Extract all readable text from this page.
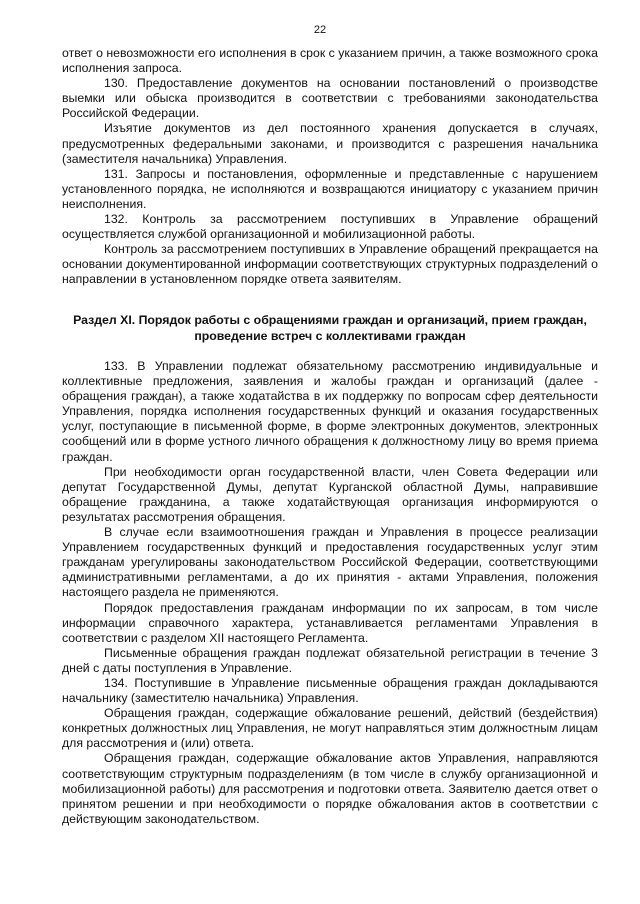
22

ответ о невозможности его исполнения в срок с указанием причин, а также возможного срока исполнения запроса.

130. Предоставление документов на основании постановлений о производстве выемки или обыска производится в соответствии с требованиями законодательства Российской Федерации.

Изъятие документов из дел постоянного хранения допускается в случаях, предусмотренных федеральными законами, и производится с разрешения начальника (заместителя начальника) Управления.

131. Запросы и постановления, оформленные и представленные с нарушением установленного порядка, не исполняются и возвращаются инициатору с указанием причин неисполнения.

132. Контроль за рассмотрением поступивших в Управление обращений осуществляется службой организационной и мобилизационной работы.

Контроль за рассмотрением поступивших в Управление обращений прекращается на основании документированной информации соответствующих структурных подразделений о направлении в установленном порядке ответа заявителям.

Раздел XI. Порядок работы с обращениями граждан и организаций, прием граждан, проведение встреч с коллективами граждан

133. В Управлении подлежат обязательному рассмотрению индивидуальные и коллективные предложения, заявления и жалобы граждан и организаций (далее - обращения граждан), а также ходатайства в их поддержку по вопросам сфер деятельности Управления, порядка исполнения государственных функций и оказания государственных услуг, поступающие в письменной форме, в форме электронных документов, электронных сообщений или в форме устного личного обращения к должностному лицу во время приема граждан.

При необходимости орган государственной власти, член Совета Федерации или депутат Государственной Думы, депутат Курганской областной Думы, направившие обращение гражданина, а также ходатайствующая организация информируются о результатах рассмотрения обращения.

В случае если взаимоотношения граждан и Управления в процессе реализации Управлением государственных функций и предоставления государственных услуг этим гражданам урегулированы законодательством Российской Федерации, соответствующими административными регламентами, а до их принятия - актами Управления, положения настоящего раздела не применяются.

Порядок предоставления гражданам информации по их запросам, в том числе информации справочного характера, устанавливается регламентами Управления в соответствии с разделом XII настоящего Регламента.

Письменные обращения граждан подлежат обязательной регистрации в течение 3 дней с даты поступления в Управление.

134. Поступившие в Управление письменные обращения граждан докладываются начальнику (заместителю начальника) Управления.

Обращения граждан, содержащие обжалование решений, действий (бездействия) конкретных должностных лиц Управления, не могут направляться этим должностным лицам для рассмотрения и (или) ответа.

Обращения граждан, содержащие обжалование актов Управления, направляются соответствующим структурным подразделениям (в том числе в службу организационной и мобилизационной работы) для рассмотрения и подготовки ответа. Заявителю дается ответ о принятом решении и при необходимости о порядке обжалования актов в соответствии с действующим законодательством.
